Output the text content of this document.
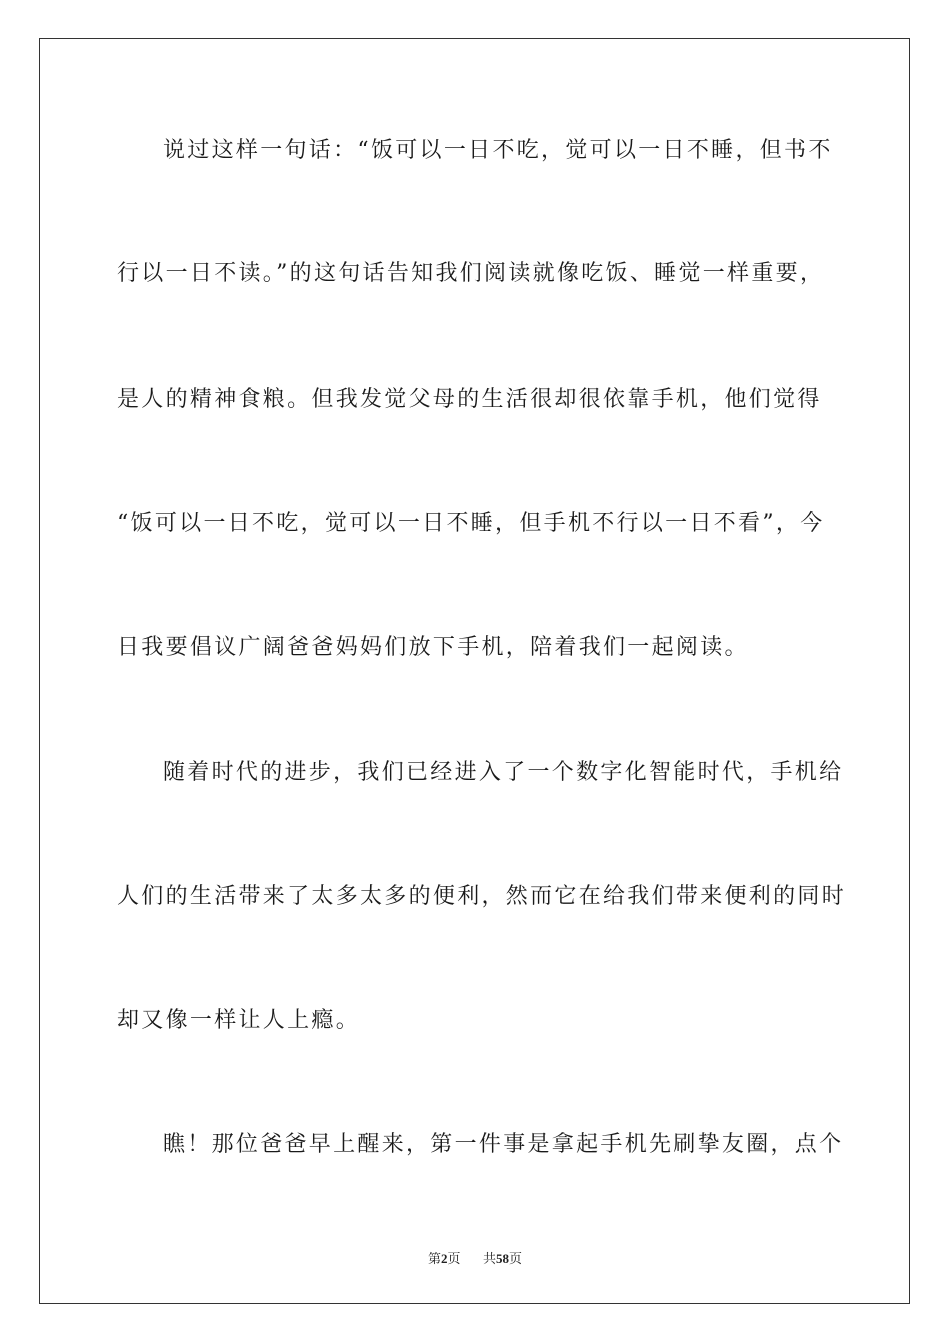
说过这样一句话：“饭可以一日不吃，觉可以一日不睡，但书不
行以一日不读。”的这句话告知我们阅读就像吃饭、睡觉一样重要，
是人的精神食粮。但我发觉父母的生活很却很依靠手机，他们觉得
“饭可以一日不吃，觉可以一日不睡，但手机不行以一日不看”，今
日我要倡议广阔爸爸妈妈们放下手机，陪着我们一起阅读。
随着时代的进步，我们已经进入了一个数字化智能时代，手机给
人们的生活带来了太多太多的便利，然而它在给我们带来便利的同时
却又像一样让人上瘾。
瞧！那位爸爸早上醒来，第一件事是拿起手机先刷挚友圈，点个
第2页 共58页
